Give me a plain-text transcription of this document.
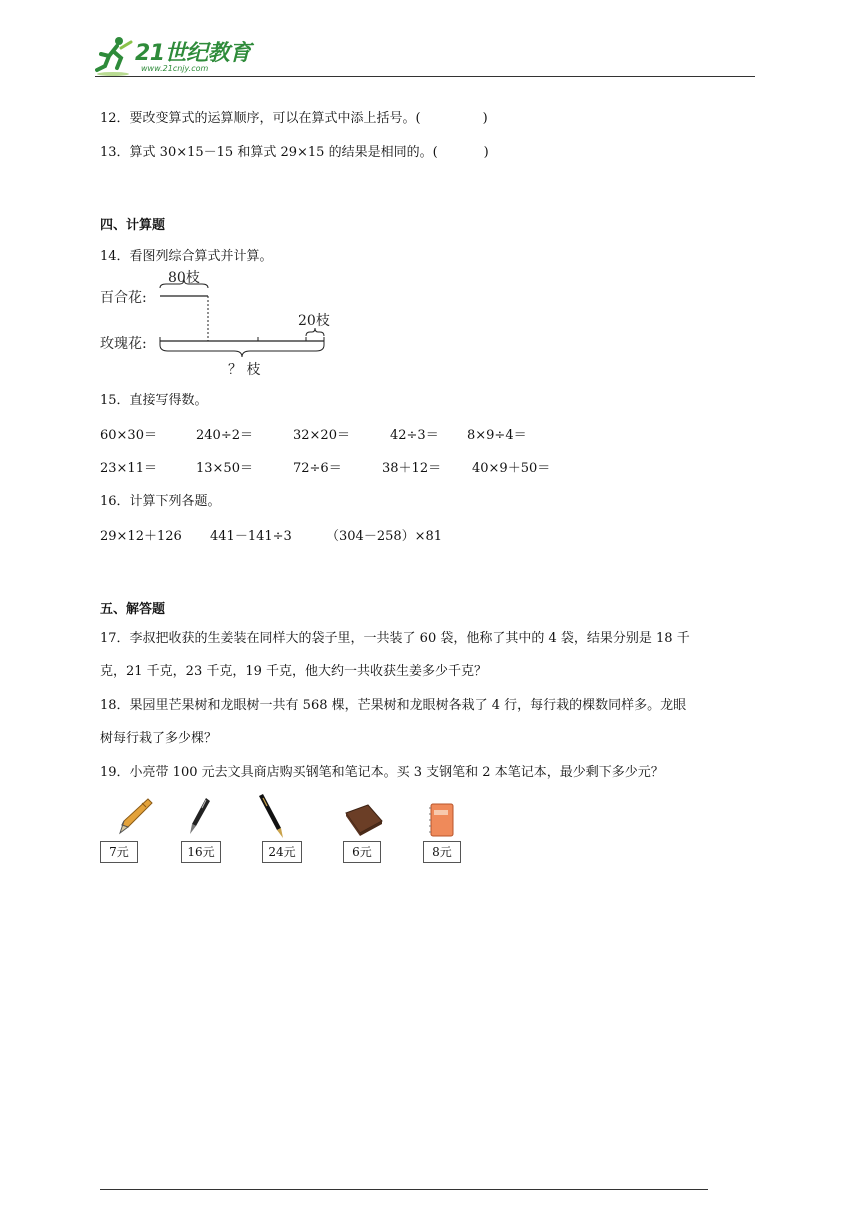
21世纪教育
www.21cnjy.com
12．要改变算式的运算顺序，可以在算式中添上括号。(	)
13．算式 30×15－15 和算式 29×15 的结果是相同的。(	)
四、计算题
14．看图列综合算式并计算。
百合花:
80枝
玫瑰花:
20枝
？ 枝
15．直接写得数。
60×30＝	240÷2＝	32×20＝	42÷3＝ 8×9÷4＝
23×11＝	13×50＝	72÷6＝	38＋12＝ 40×9＋50＝
16．计算下列各题。
29×12＋126 441－141÷3	（304－258）×81
五、解答题
17．李叔把收获的生姜装在同样大的袋子里，一共装了 60 袋，他称了其中的 4 袋，结果分别是 18 千
克，21 千克，23 千克，19 千克，他大约一共收获生姜多少千克？
18．果园里芒果树和龙眼树一共有 568 棵，芒果树和龙眼树各栽了 4 行，每行栽的棵数同样多。龙眼
树每行栽了多少棵？
19．小亮带 100 元去文具商店购买钢笔和笔记本。买 3 支钢笔和 2 本笔记本，最少剩下多少元？
7元	16元	24元	6元	8元
